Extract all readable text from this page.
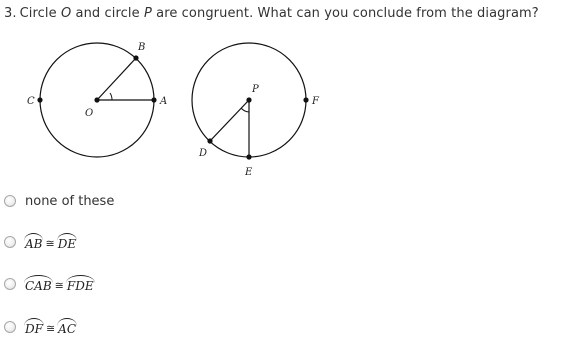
3. Circle O and circle P are congruent. What can you conclude from the diagram?
B
C
O
A
P
F
D
E
none of these
AB ≅ DE
CAB ≅ FDE
DF ≅ AC
